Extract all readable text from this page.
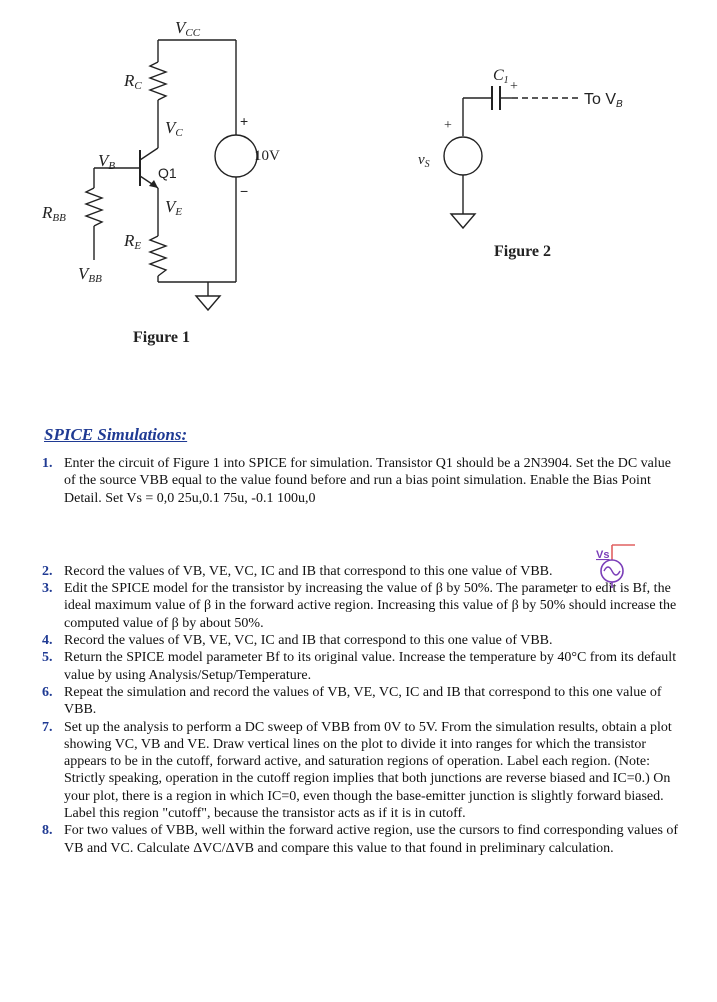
VCC
RC
VC
VB
VE
RBB
RE
VBB
Q1
10V
+
−
Figure 1
C1 +
To VB
+
$v_S$
Figure 2
Vs
SPICE Simulations:
1. Enter the circuit of Figure 1 into SPICE for simulation. Transistor Q1 should be a 2N3904. Set the DC value of the source VBB equal to the value found before and run a bias point simulation. Enable the Bias Point Detail. Set Vs = 0,0 25u,0.1 75u, -0.1 100u,0
2. Record the values of VB, VE, VC, IC and IB that correspond to this one value of VBB.
3. Edit the SPICE model for the transistor by increasing the value of β by 50%. The parameter to edit is Bf, the ideal maximum value of β in the forward active region. Increasing this value of β by 50% should increase the computed value of β by about 50%.
4. Record the values of VB, VE, VC, IC and IB that correspond to this one value of VBB.
5. Return the SPICE model parameter Bf to its original value. Increase the temperature by 40°C from its default value by using Analysis/Setup/Temperature.
6. Repeat the simulation and record the values of VB, VE, VC, IC and IB that correspond to this one value of VBB.
7. Set up the analysis to perform a DC sweep of VBB from 0V to 5V. From the simulation results, obtain a plot showing VC, VB and VE. Draw vertical lines on the plot to divide it into ranges for which the transistor appears to be in the cutoff, forward active, and saturation regions of operation. Label each region. (Note: Strictly speaking, operation in the cutoff region implies that both junctions are reverse biased and IC=0.) On your plot, there is a region in which IC=0, even though the base-emitter junction is slightly forward biased. Label this region "cutoff", because the transistor acts as if it is in cutoff.
8. For two values of VBB, well within the forward active region, use the cursors to find corresponding values of VB and VC. Calculate ΔVC/ΔVB and compare this value to that found in preliminary calculation.
